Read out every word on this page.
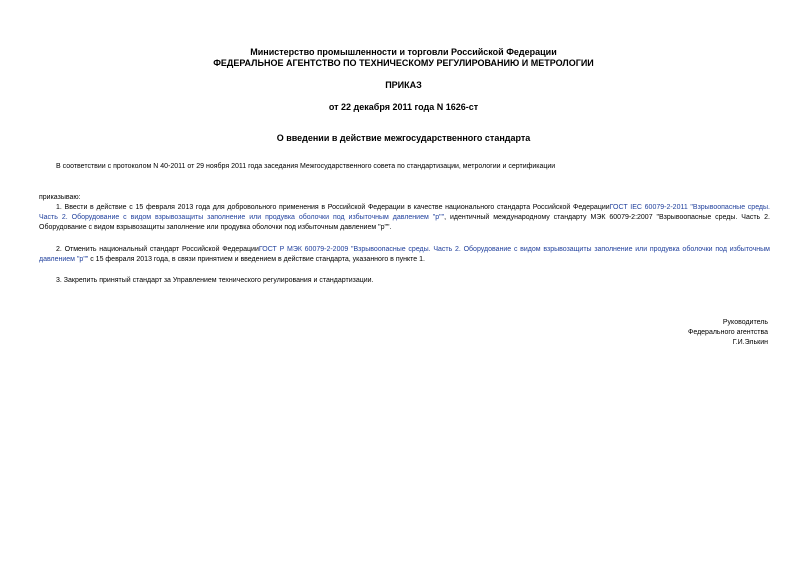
Министерство промышленности и торговли Российской Федерации
ФЕДЕРАЛЬНОЕ АГЕНТСТВО ПО ТЕХНИЧЕСКОМУ РЕГУЛИРОВАНИЮ И МЕТРОЛОГИИ
ПРИКАЗ
от 22 декабря 2011 года N 1626-ст
О введении в действие межгосударственного стандарта
В соответствии с протоколом N 40-2011 от 29 ноября 2011 года заседания Межгосударственного совета по стандартизации, метрологии и сертификации
приказываю:
1. Ввести в действие с 15 февраля 2013 года для добровольного применения в Российской Федерации в качестве национального стандарта Российской ФедерацииГОСТ IEC 60079-2-2011 "Взрывоопасные среды. Часть 2. Оборудование с видом взрывозащиты заполнение или продувка оболочки под избыточным давлением "р"", идентичный международному стандарту МЭК 60079-2:2007 "Взрывоопасные среды. Часть 2. Оборудование с видом взрывозащиты заполнение или продувка оболочки под избыточным давлением "р"".
2. Отменить национальный стандарт Российской ФедерацииГОСТ Р МЭК 60079-2-2009 "Взрывоопасные среды. Часть 2. Оборудование с видом взрывозащиты заполнение или продувка оболочки под избыточным давлением "р"" с 15 февраля 2013 года, в связи принятием и введением в действие стандарта, указанного в пункте 1.
3. Закрепить принятый стандарт за Управлением технического регулирования и стандартизации.
Руководитель
Федерального агентства
Г.И.Элькин
